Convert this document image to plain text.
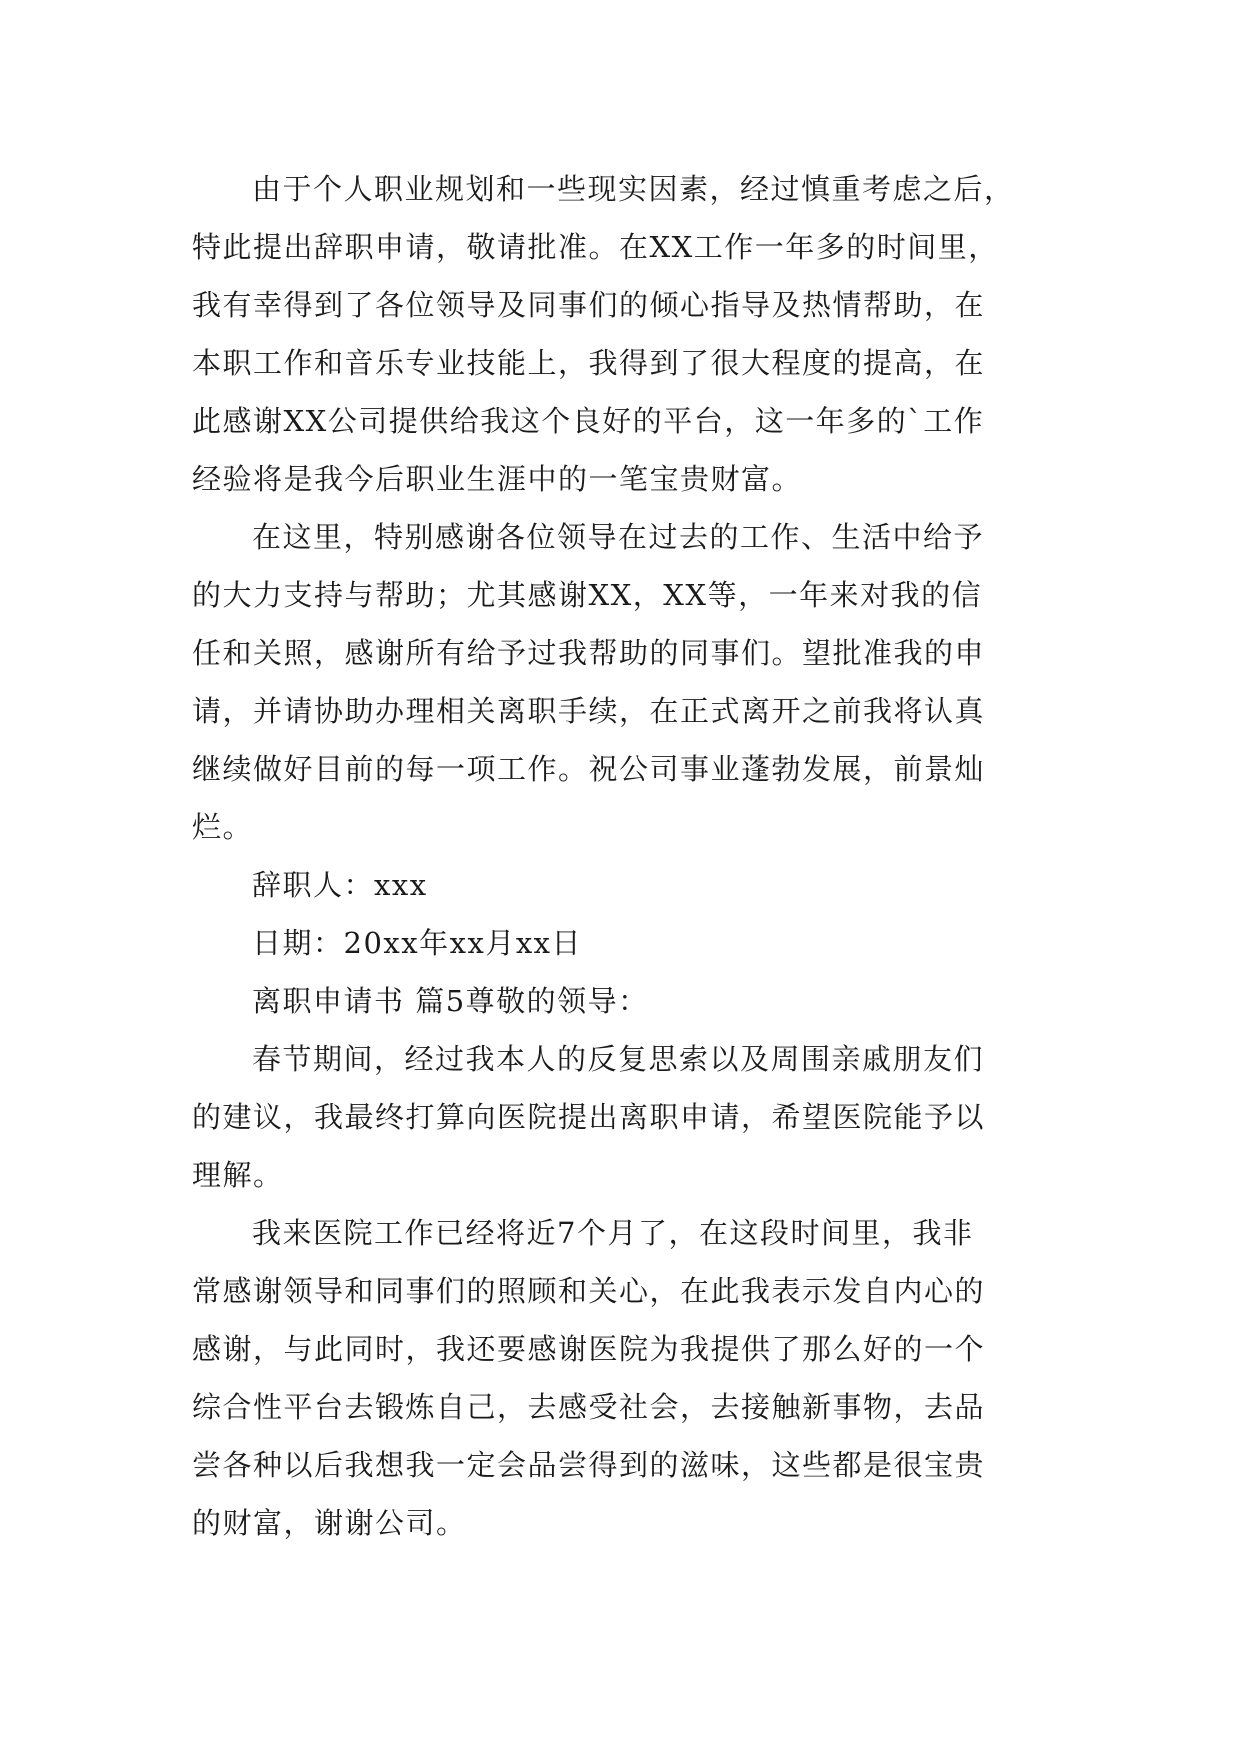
由于个人职业规划和一些现实因素，经过慎重考虑之后，
特此提出辞职申请，敬请批准。在XX工作一年多的时间里，
我有幸得到了各位领导及同事们的倾心指导及热情帮助，在
本职工作和音乐专业技能上，我得到了很大程度的提高，在
此感谢XX公司提供给我这个良好的平台，这一年多的`工作
经验将是我今后职业生涯中的一笔宝贵财富。
在这里，特别感谢各位领导在过去的工作、生活中给予
的大力支持与帮助；尤其感谢XX，XX等，一年来对我的信
任和关照，感谢所有给予过我帮助的同事们。望批准我的申
请，并请协助办理相关离职手续，在正式离开之前我将认真
继续做好目前的每一项工作。祝公司事业蓬勃发展，前景灿
烂。
辞职人：xxx
日期：20xx年xx月xx日
离职申请书 篇5尊敬的领导：
春节期间，经过我本人的反复思索以及周围亲戚朋友们
的建议，我最终打算向医院提出离职申请，希望医院能予以
理解。
我来医院工作已经将近7个月了，在这段时间里，我非
常感谢领导和同事们的照顾和关心，在此我表示发自内心的
感谢，与此同时，我还要感谢医院为我提供了那么好的一个
综合性平台去锻炼自己，去感受社会，去接触新事物，去品
尝各种以后我想我一定会品尝得到的滋味，这些都是很宝贵
的财富，谢谢公司。
